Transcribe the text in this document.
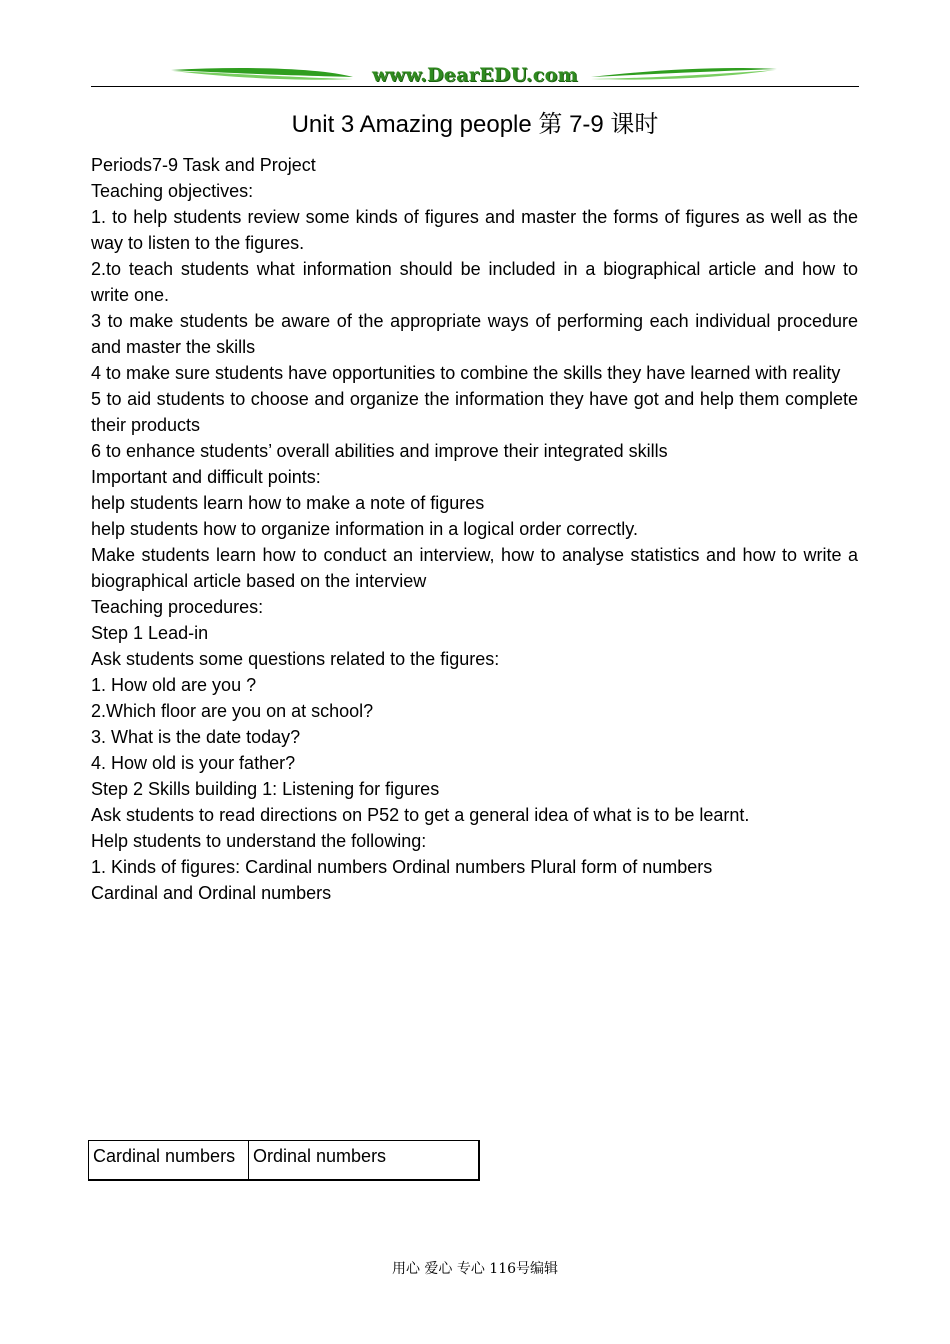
www.DearEDU.com
Unit 3 Amazing people 第 7-9 课时

Periods7-9 Task and Project

Teaching objectives:

1. to help students review some kinds of figures and master the forms of figures as well as the way to listen to the figures.

2.to teach students what information should be included in a biographical article and how to write one.

3 to make students be aware of the appropriate ways of performing each individual procedure and master the skills

4 to make sure students have opportunities to combine the skills they have learned with reality

5 to aid students to choose and organize the information they have got and help them complete their products

6 to enhance students’ overall abilities and improve their integrated skills

Important and difficult points:

help students learn how to make a note of figures

help students how to organize information in a logical order correctly.

Make students learn how to conduct an interview, how to analyse statistics and how to write a biographical article based on the interview

Teaching procedures:

Step 1 Lead-in

Ask students some questions related to the figures:

1. How old are you ?

2.Which floor are you on at school?

3. What is the date today?

4. How old is your father?

Step 2 Skills building 1: Listening for figures

Ask students to read directions on P52 to get a general idea of what is to be learnt.

Help students to understand the following:

1. Kinds of figures: Cardinal numbers Ordinal numbers Plural form of numbers

Cardinal and Ordinal numbers

Cardinal numbers	Ordinal numbers
用心 爱心 专心 116号编辑
